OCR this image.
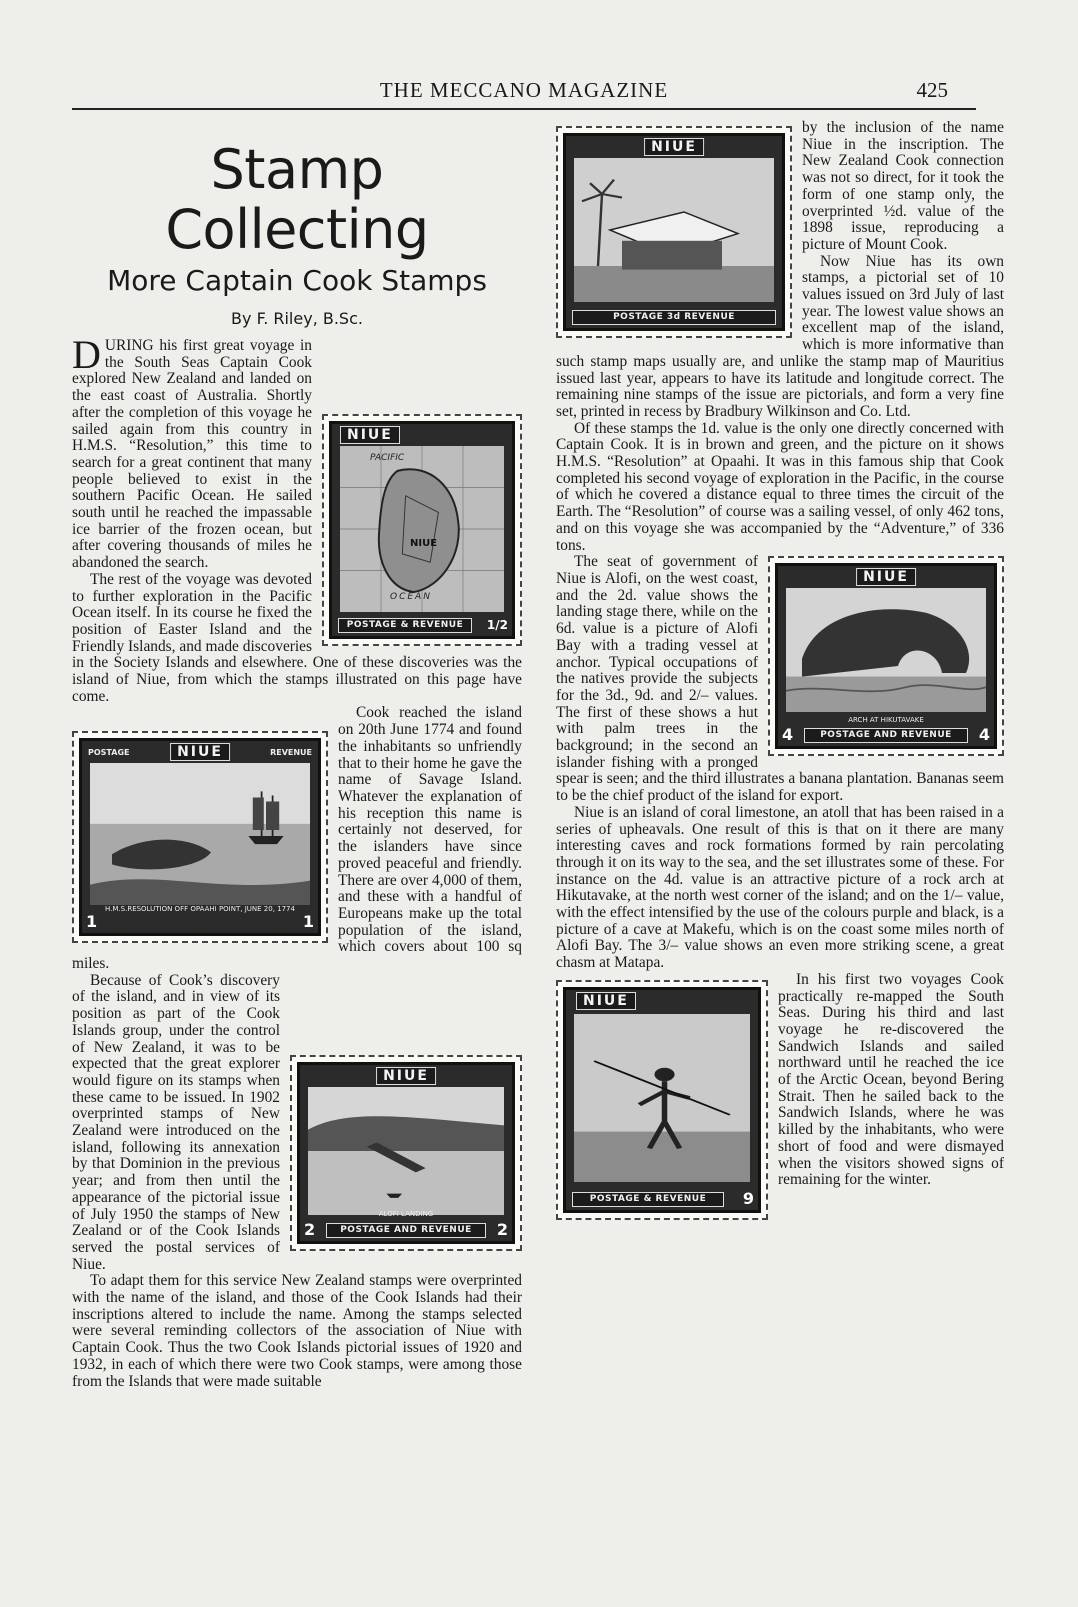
THE MECCANO MAGAZINE	425
Stamp Collecting
More Captain Cook Stamps
By F. Riley, B.Sc.
NIUE
PACIFIC
NIUE
OCEAN
POSTAGE & REVENUE	1/2

DURING his first great voyage in the South Seas Captain Cook explored New Zealand and landed on the east coast of Australia. Shortly after the completion of this voyage he sailed again from this country in H.M.S. “Resolution,” this time to search for a great continent that many people believed to exist in the southern Pacific Ocean. He sailed south until he reached the impassable ice barrier of the frozen ocean, but after covering thousands of miles he abandoned the search.

The rest of the voyage was devoted to further exploration in the Pacific Ocean itself. In its course he fixed the position of Easter Island and the Friendly Islands, and made discoveries in the Society Islands and elsewhere. One of these discoveries was the island of Niue, from which the stamps illustrated on this page have come.

NIUE
POSTAGE	REVENUE
H.M.S.RESOLUTION OFF OPAAHI POINT, JUNE 20, 1774
1	1

Cook reached the island on 20th June 1774 and found the inhabitants so unfriendly that to their home he gave the name of Savage Island. Whatever the explanation of his reception this name is certainly not deserved, for the islanders have since proved peaceful and friendly. There are over 4,000 of them, and these with a handful of Europeans make up the total population of the island, which covers about 100 sq miles.

NIUE
ALOFI LANDING
POSTAGE AND REVENUE
2	2

Because of Cook’s discovery of the island, and in view of its position as part of the Cook Islands group, under the control of New Zealand, it was to be expected that the great explorer would figure on its stamps when these came to be issued. In 1902 overprinted stamps of New Zealand were introduced on the island, following its annexation by that Dominion in the previous year; and from then until the appearance of the pictorial issue of July 1950 the stamps of New Zealand or of the Cook Islands served the postal services of Niue.

To adapt them for this service New Zealand stamps were overprinted with the name of the island, and those of the Cook Islands had their inscriptions altered to include the name. Among the stamps selected were several reminding collectors of the association of Niue with Captain Cook. Thus the two Cook Islands pictorial issues of 1920 and 1932, in each of which there were two Cook stamps, were among those from the Islands that were made suitable

NIUE
POSTAGE 3d REVENUE

by the inclusion of the name Niue in the inscription. The New Zealand Cook connection was not so direct, for it took the form of one stamp only, the overprinted ½d. value of the 1898 issue, reproducing a picture of Mount Cook.

Now Niue has its own stamps, a pictorial set of 10 values issued on 3rd July of last year. The lowest value shows an excellent map of the island, which is more informative than such stamp maps usually are, and unlike the stamp map of Mauritius issued last year, appears to have its latitude and longitude correct. The remaining nine stamps of the issue are pictorials, and form a very fine set, printed in recess by Bradbury Wilkinson and Co. Ltd.

Of these stamps the 1d. value is the only one directly concerned with Captain Cook. It is in brown and green, and the picture on it shows H.M.S. “Resolution” at Opaahi. It was in this famous ship that Cook completed his second voyage of exploration in the Pacific, in the course of which he covered a distance equal to three times the circuit of the Earth. The “Resolution” of course was a sailing vessel, of only 462 tons, and on this voyage she was accompanied by the “Adventure,” of 336 tons.

NIUE
ARCH AT HIKUTAVAKE
POSTAGE AND REVENUE
4	4

The seat of government of Niue is Alofi, on the west coast, and the 2d. value shows the landing stage there, while on the 6d. value is a picture of Alofi Bay with a trading vessel at anchor. Typical occupations of the natives provide the subjects for the 3d., 9d. and 2/– values. The first of these shows a hut with palm trees in the background; in the second an islander fishing with a pronged spear is seen; and the third illustrates a banana plantation. Bananas seem to be the chief product of the island for export.

Niue is an island of coral limestone, an atoll that has been raised in a series of upheavals. One result of this is that on it there are many interesting caves and rock formations formed by rain percolating through it on its way to the sea, and the set illustrates some of these. For instance on the 4d. value is an attractive picture of a rock arch at Hikutavake, at the north west corner of the island; and on the 1/– value, with the effect intensified by the use of the colours purple and black, is a picture of a cave at Makefu, which is on the coast some miles north of Alofi Bay. The 3/– value shows an even more striking scene, a great chasm at Matapa.

NIUE
POSTAGE & REVENUE	9

In his first two voyages Cook practically re-mapped the South Seas. During his third and last voyage he re-discovered the Sandwich Islands and sailed northward until he reached the ice of the Arctic Ocean, beyond Bering Strait. Then he sailed back to the Sandwich Islands, where he was killed by the inhabitants, who were short of food and were dismayed when the visitors showed signs of remaining for the winter.
